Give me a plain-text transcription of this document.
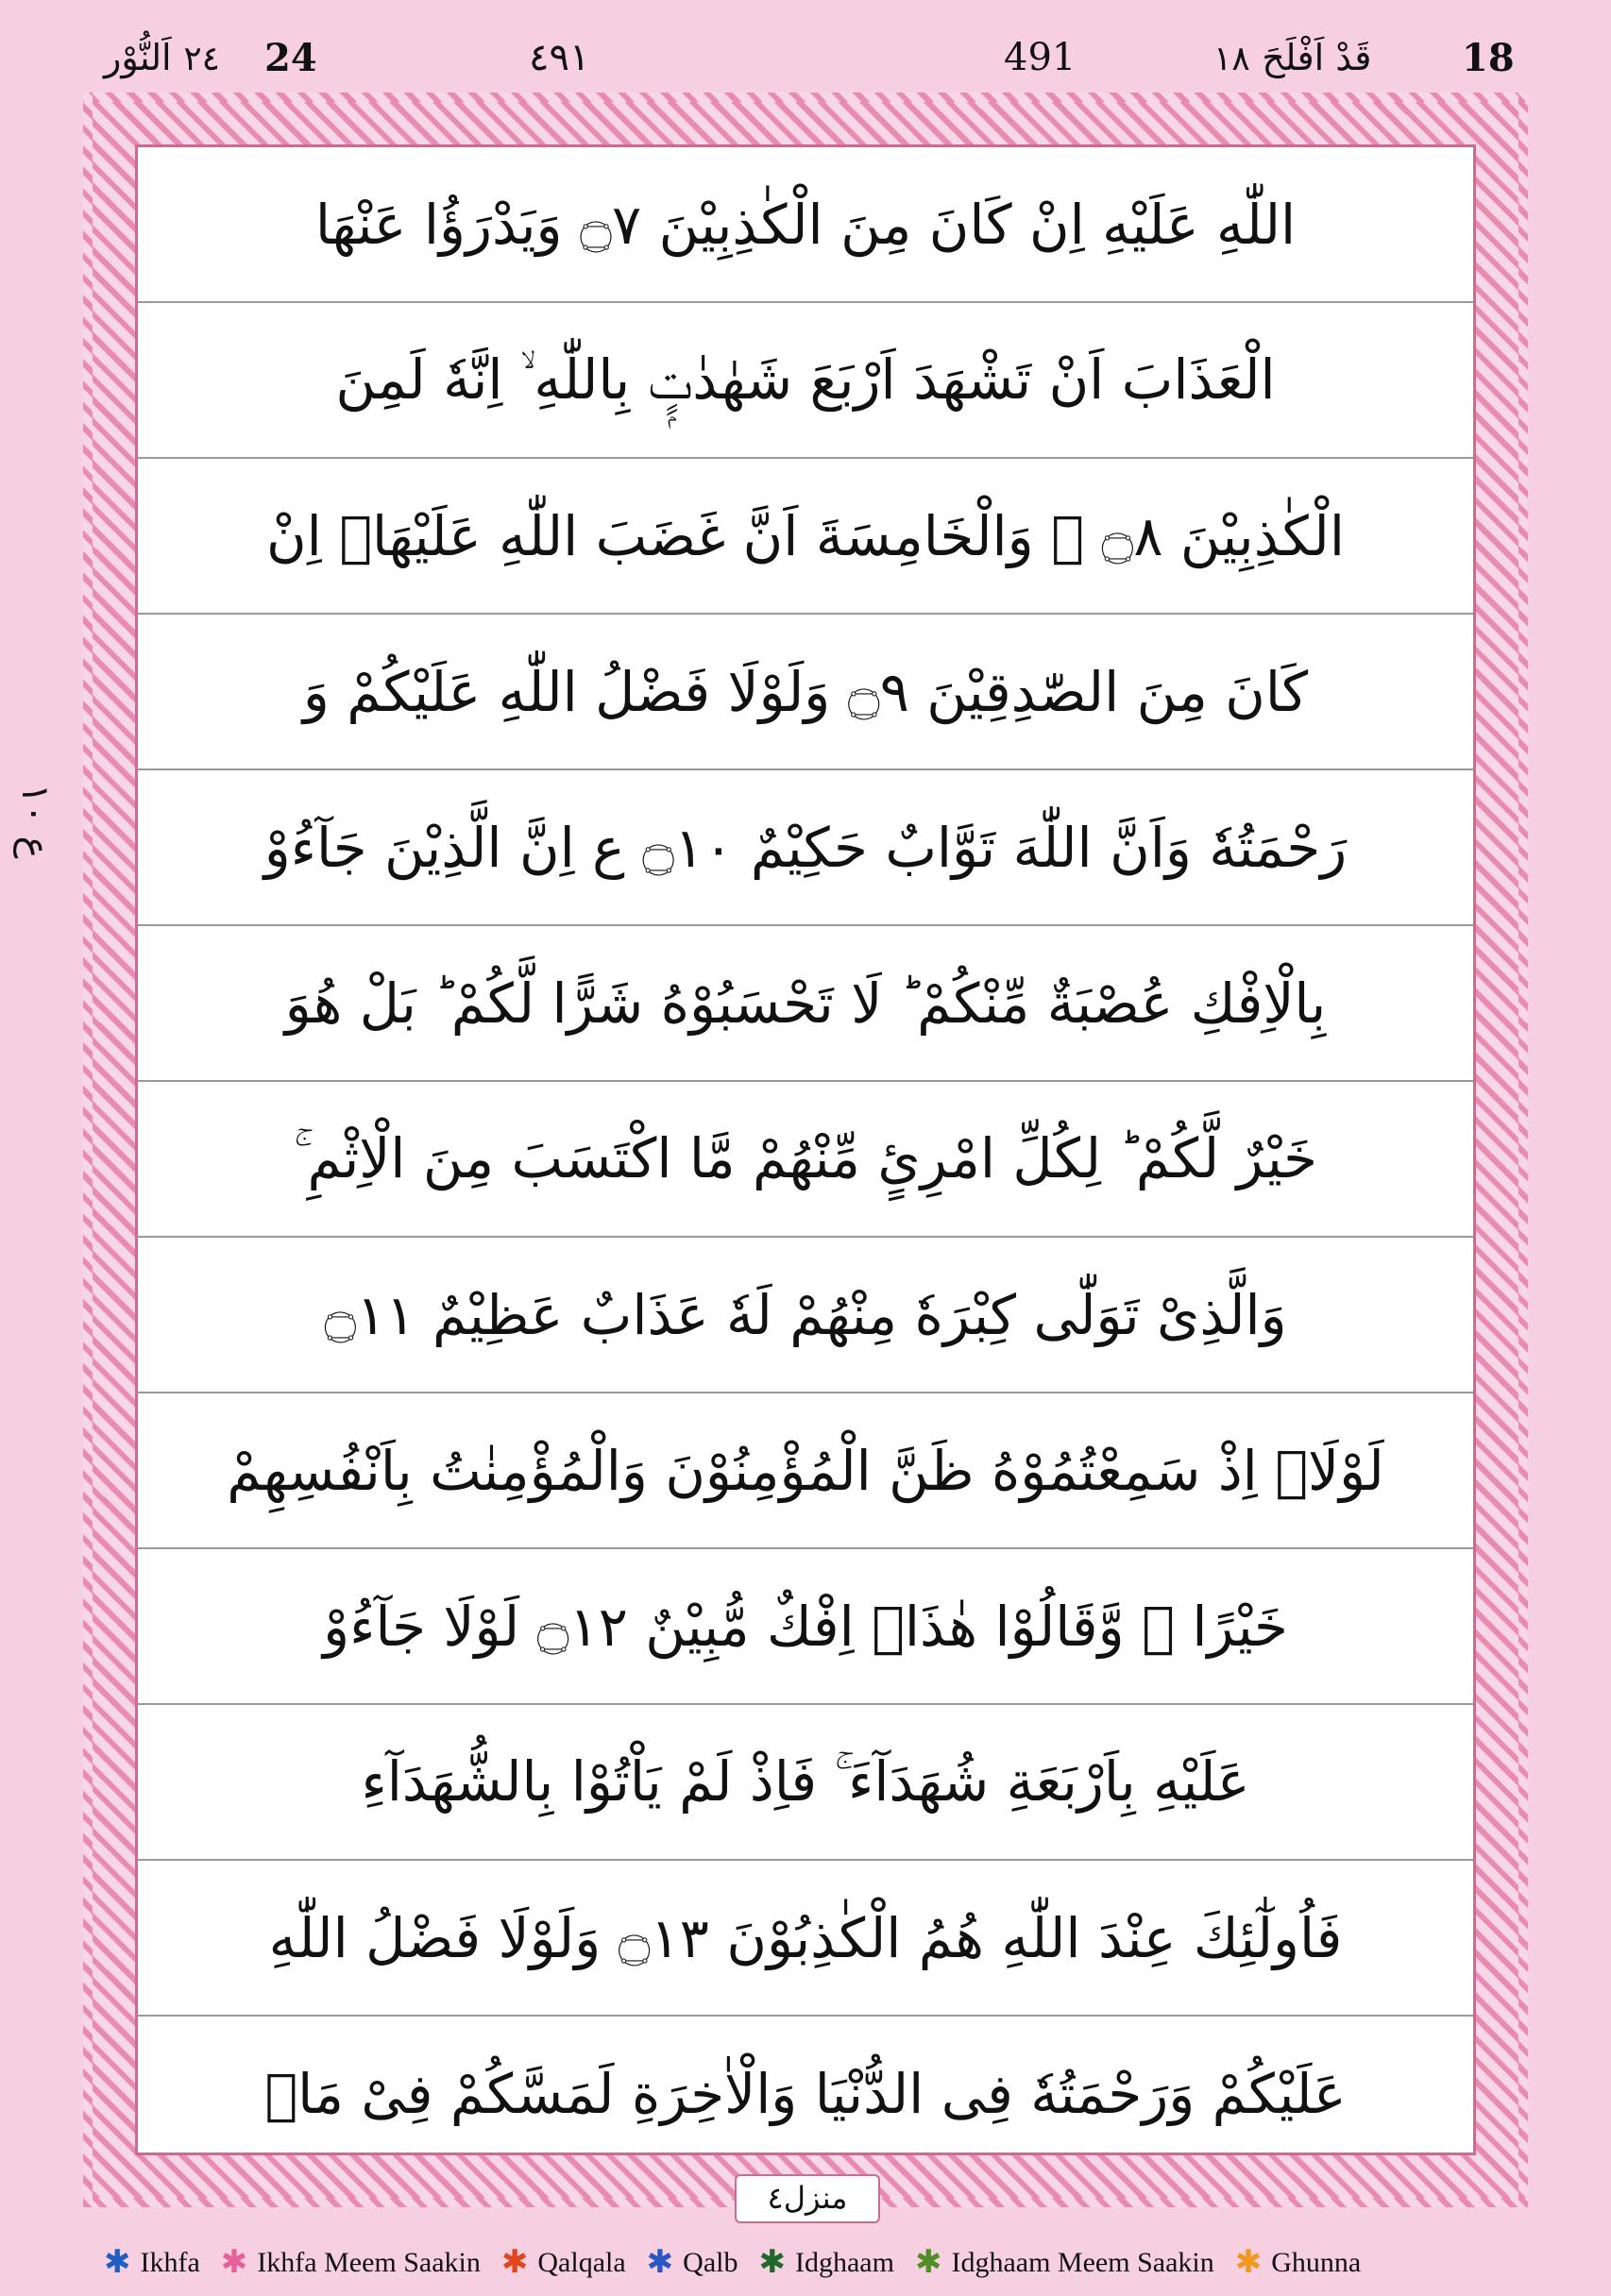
18
قَدْ اَفْلَحَ ١٨
491
٤٩١
24
٢٤ اَلنُّوْر
ع ١٠
اللّٰهِ عَلَیْهِ اِنْ كَانَ مِنَ الْكٰذِبِیْنَ ۝٧ وَیَدْرَؤُا عَنْهَا
الْعَذَابَ اَنْ تَشْهَدَ اَرْبَعَ شَهٰدٰتٍۭ بِاللّٰهِ ۙ اِنَّهٗ لَمِنَ
الْكٰذِبِیْنَ ۝٨ ۙ وَالْخَامِسَةَ اَنَّ غَضَبَ اللّٰهِ عَلَیْهَاۤ اِنْ
كَانَ مِنَ الصّٰدِقِیْنَ ۝٩ وَلَوْلَا فَضْلُ اللّٰهِ عَلَیْكُمْ وَ
رَحْمَتُهٗ وَاَنَّ اللّٰهَ تَوَّابٌ حَكِیْمٌ ۝١٠ ع اِنَّ الَّذِیْنَ جَآءُوْ
بِالْاِفْكِ عُصْبَةٌ مِّنْكُمْ ؕ لَا تَحْسَبُوْهُ شَرًّا لَّكُمْ ؕ بَلْ هُوَ
خَیْرٌ لَّكُمْ ؕ لِكُلِّ امْرِئٍ مِّنْهُمْ مَّا اكْتَسَبَ مِنَ الْاِثْمِ ۚ
وَالَّذِیْ تَوَلّٰى كِبْرَهٗ مِنْهُمْ لَهٗ عَذَابٌ عَظِیْمٌ ۝١١
لَوْلَاۤ اِذْ سَمِعْتُمُوْهُ ظَنَّ الْمُؤْمِنُوْنَ وَالْمُؤْمِنٰتُ بِاَنْفُسِهِمْ
خَیْرًا ۙ وَّقَالُوْا هٰذَاۤ اِفْكٌ مُّبِیْنٌ ۝١٢ لَوْلَا جَآءُوْ
عَلَیْهِ بِاَرْبَعَةِ شُهَدَآءَ ۚ فَاِذْ لَمْ یَاْتُوْا بِالشُّهَدَآءِ
فَاُولٰٓئِكَ عِنْدَ اللّٰهِ هُمُ الْكٰذِبُوْنَ ۝١٣ وَلَوْلَا فَضْلُ اللّٰهِ
عَلَیْكُمْ وَرَحْمَتُهٗ فِی الدُّنْیَا وَالْاٰخِرَةِ لَمَسَّكُمْ فِیْ مَاۤ
منزل٤
✱ Ikhfa ✱ Ikhfa Meem Saakin ✱ Qalqala ✱ Qalb ✱ Idghaam ✱ Idghaam Meem Saakin ✱ Ghunna
